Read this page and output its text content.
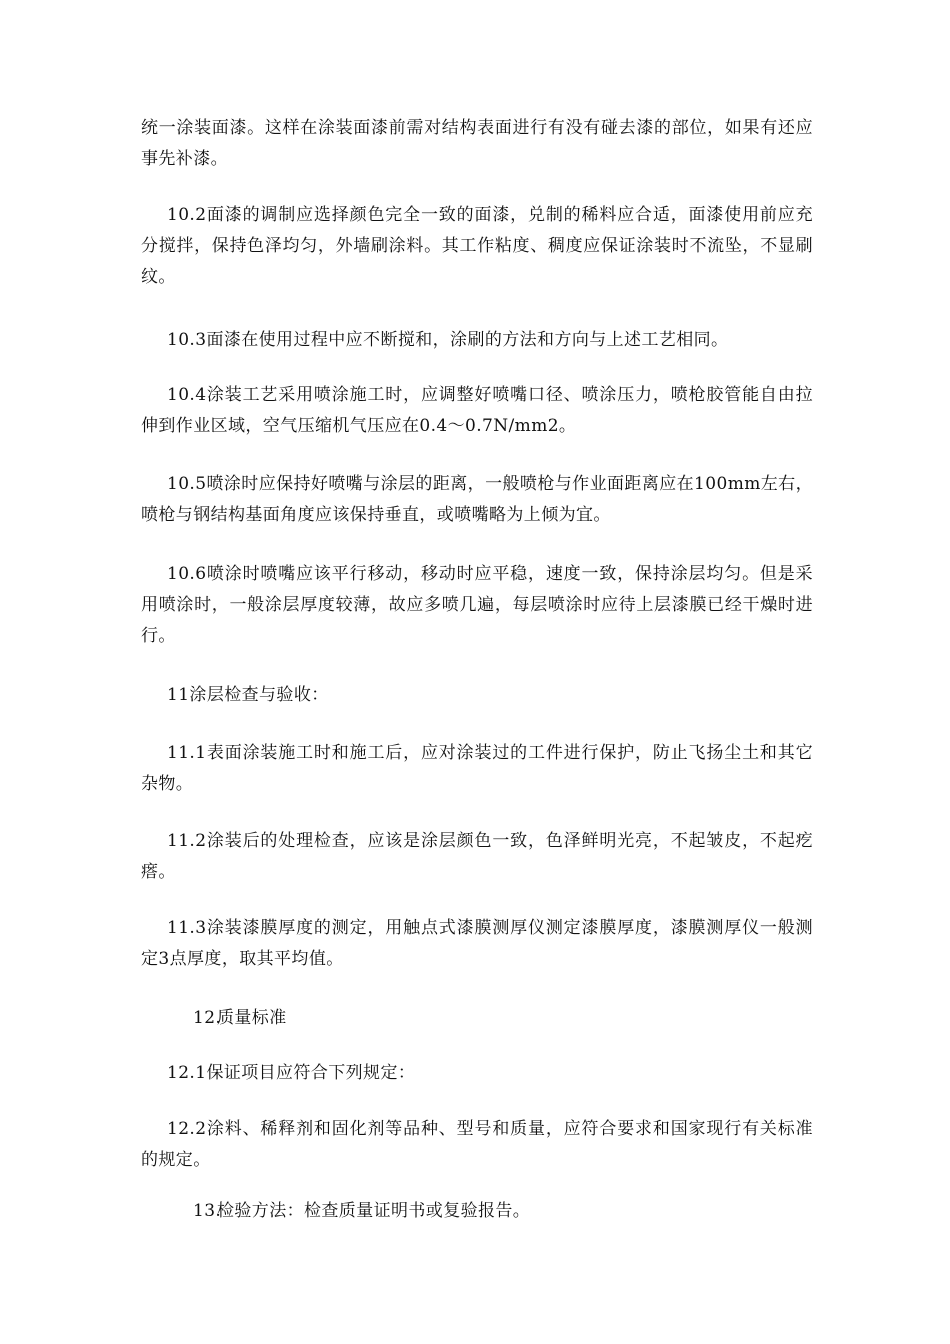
统一涂装面漆。这样在涂装面漆前需对结构表面进行有没有碰去漆的部位，如果有还应事先补漆。

10.2面漆的调制应选择颜色完全一致的面漆，兑制的稀料应合适，面漆使用前应充分搅拌，保持色泽均匀，外墙刷涂料。其工作粘度、稠度应保证涂装时不流坠，不显刷纹。

10.3面漆在使用过程中应不断搅和，涂刷的方法和方向与上述工艺相同。

10.4涂装工艺采用喷涂施工时，应调整好喷嘴口径、喷涂压力，喷枪胶管能自由拉伸到作业区域，空气压缩机气压应在0.4～0.7N/mm2。

10.5喷涂时应保持好喷嘴与涂层的距离，一般喷枪与作业面距离应在100mm左右，喷枪与钢结构基面角度应该保持垂直，或喷嘴略为上倾为宜。

10.6喷涂时喷嘴应该平行移动，移动时应平稳，速度一致，保持涂层均匀。但是采用喷涂时，一般涂层厚度较薄，故应多喷几遍，每层喷涂时应待上层漆膜已经干燥时进行。

11涂层检查与验收：

11.1表面涂装施工时和施工后，应对涂装过的工件进行保护，防止飞扬尘土和其它杂物。

11.2涂装后的处理检查，应该是涂层颜色一致，色泽鲜明光亮，不起皱皮，不起疙瘩。

11.3涂装漆膜厚度的测定，用触点式漆膜测厚仪测定漆膜厚度，漆膜测厚仪一般测定3点厚度，取其平均值。

12.质量标准

12.1保证项目应符合下列规定：

12.2涂料、稀释剂和固化剂等品种、型号和质量，应符合要求和国家现行有关标准的规定。

13.检验方法：检查质量证明书或复验报告。
